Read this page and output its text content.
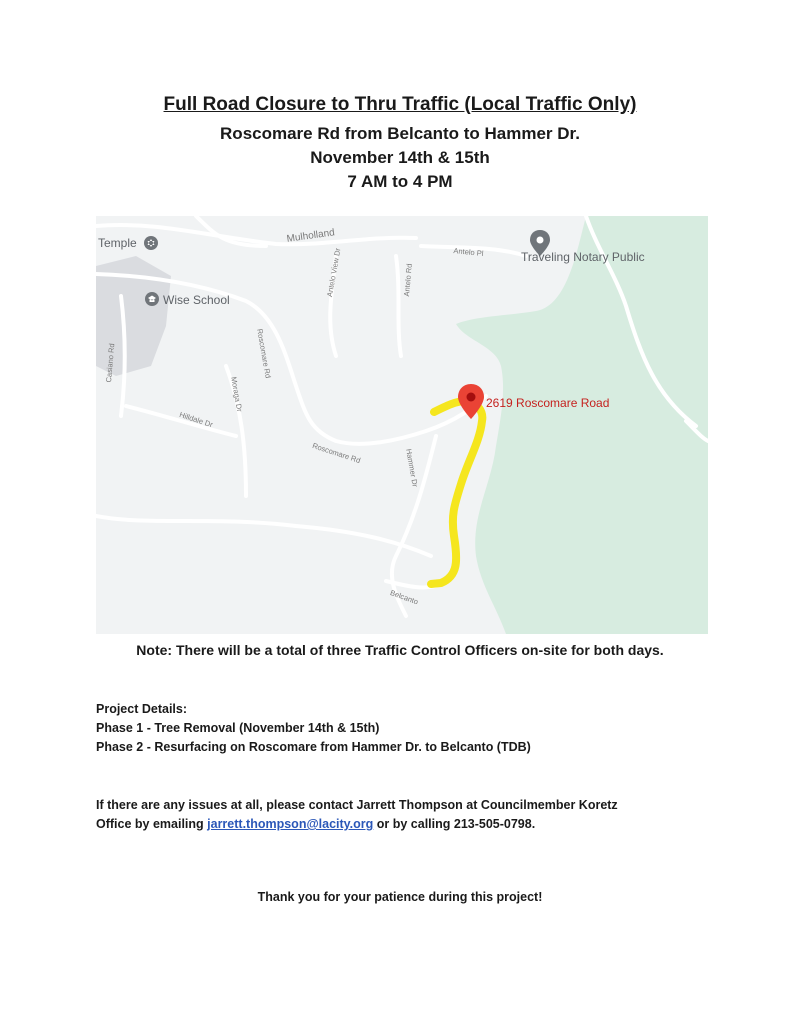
Full Road Closure to Thru Traffic (Local Traffic Only)
Roscomare Rd from Belcanto to Hammer Dr.
November 14th & 15th
7 AM to 4 PM
Temple
Wise School
Traveling Notary Public
2619 Roscomare Road
Mulholland
Antelo Pl
Antelo View Dr	Antelo Rd
Roscomare Rd
Roscomare Rd
Moraga Dr
Casiano Rd
Hilldale Dr
Hammer Dr
Belcanto
Note: There will be a total of three Traffic Control Officers on-site for both days.
Project Details:
Phase 1 - Tree Removal (November 14th & 15th)
Phase 2 - Resurfacing on Roscomare from Hammer Dr. to Belcanto (TDB)
If there are any issues at all, please contact Jarrett Thompson at Councilmember Koretz
Office by emailing jarrett.thompson@lacity.org or by calling 213-505-0798.
Thank you for your patience during this project!
